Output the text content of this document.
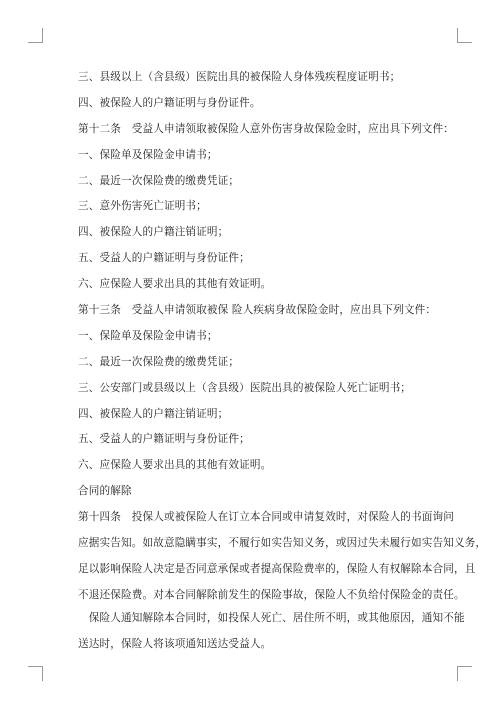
三、县级以上（含县级）医院出具的被保险人身体残疾程度证明书；
四、被保险人的户籍证明与身份证件。
第十二条　受益人申请领取被保险人意外伤害身故保险金时，应出具下列文件：
一、保险单及保险金申请书；
二、最近一次保险费的缴费凭证；
三、意外伤害死亡证明书；
四、被保险人的户籍注销证明；
五、受益人的户籍证明与身份证件；
六、应保险人要求出具的其他有效证明。
第十三条　受益人申请领取被保 险人疾病身故保险金时，应出具下列文件：
一、保险单及保险金申请书；
二、最近一次保险费的缴费凭证；
三、公安部门或县级以上（含县级）医院出具的被保险人死亡证明书；
四、被保险人的户籍注销证明；
五、受益人的户籍证明与身份证件；
六、应保险人要求出具的其他有效证明。
合同的解除
第十四条　投保人或被保险人在订立本合同或申请复效时，对保险人的书面询问
应据实告知。如故意隐瞒事实，不履行如实告知义务，或因过失未履行如实告知义务，
足以影响保险人决定是否同意承保或者提高保险费率的，保险人有权解除本合同，且
不退还保险费。对本合同解除前发生的保险事故，保险人不负给付保险金的责任。
　保险人通知解除本合同时，如投保人死亡、居住所不明，或其他原因，通知不能
送达时，保险人将该项通知送达受益人。
